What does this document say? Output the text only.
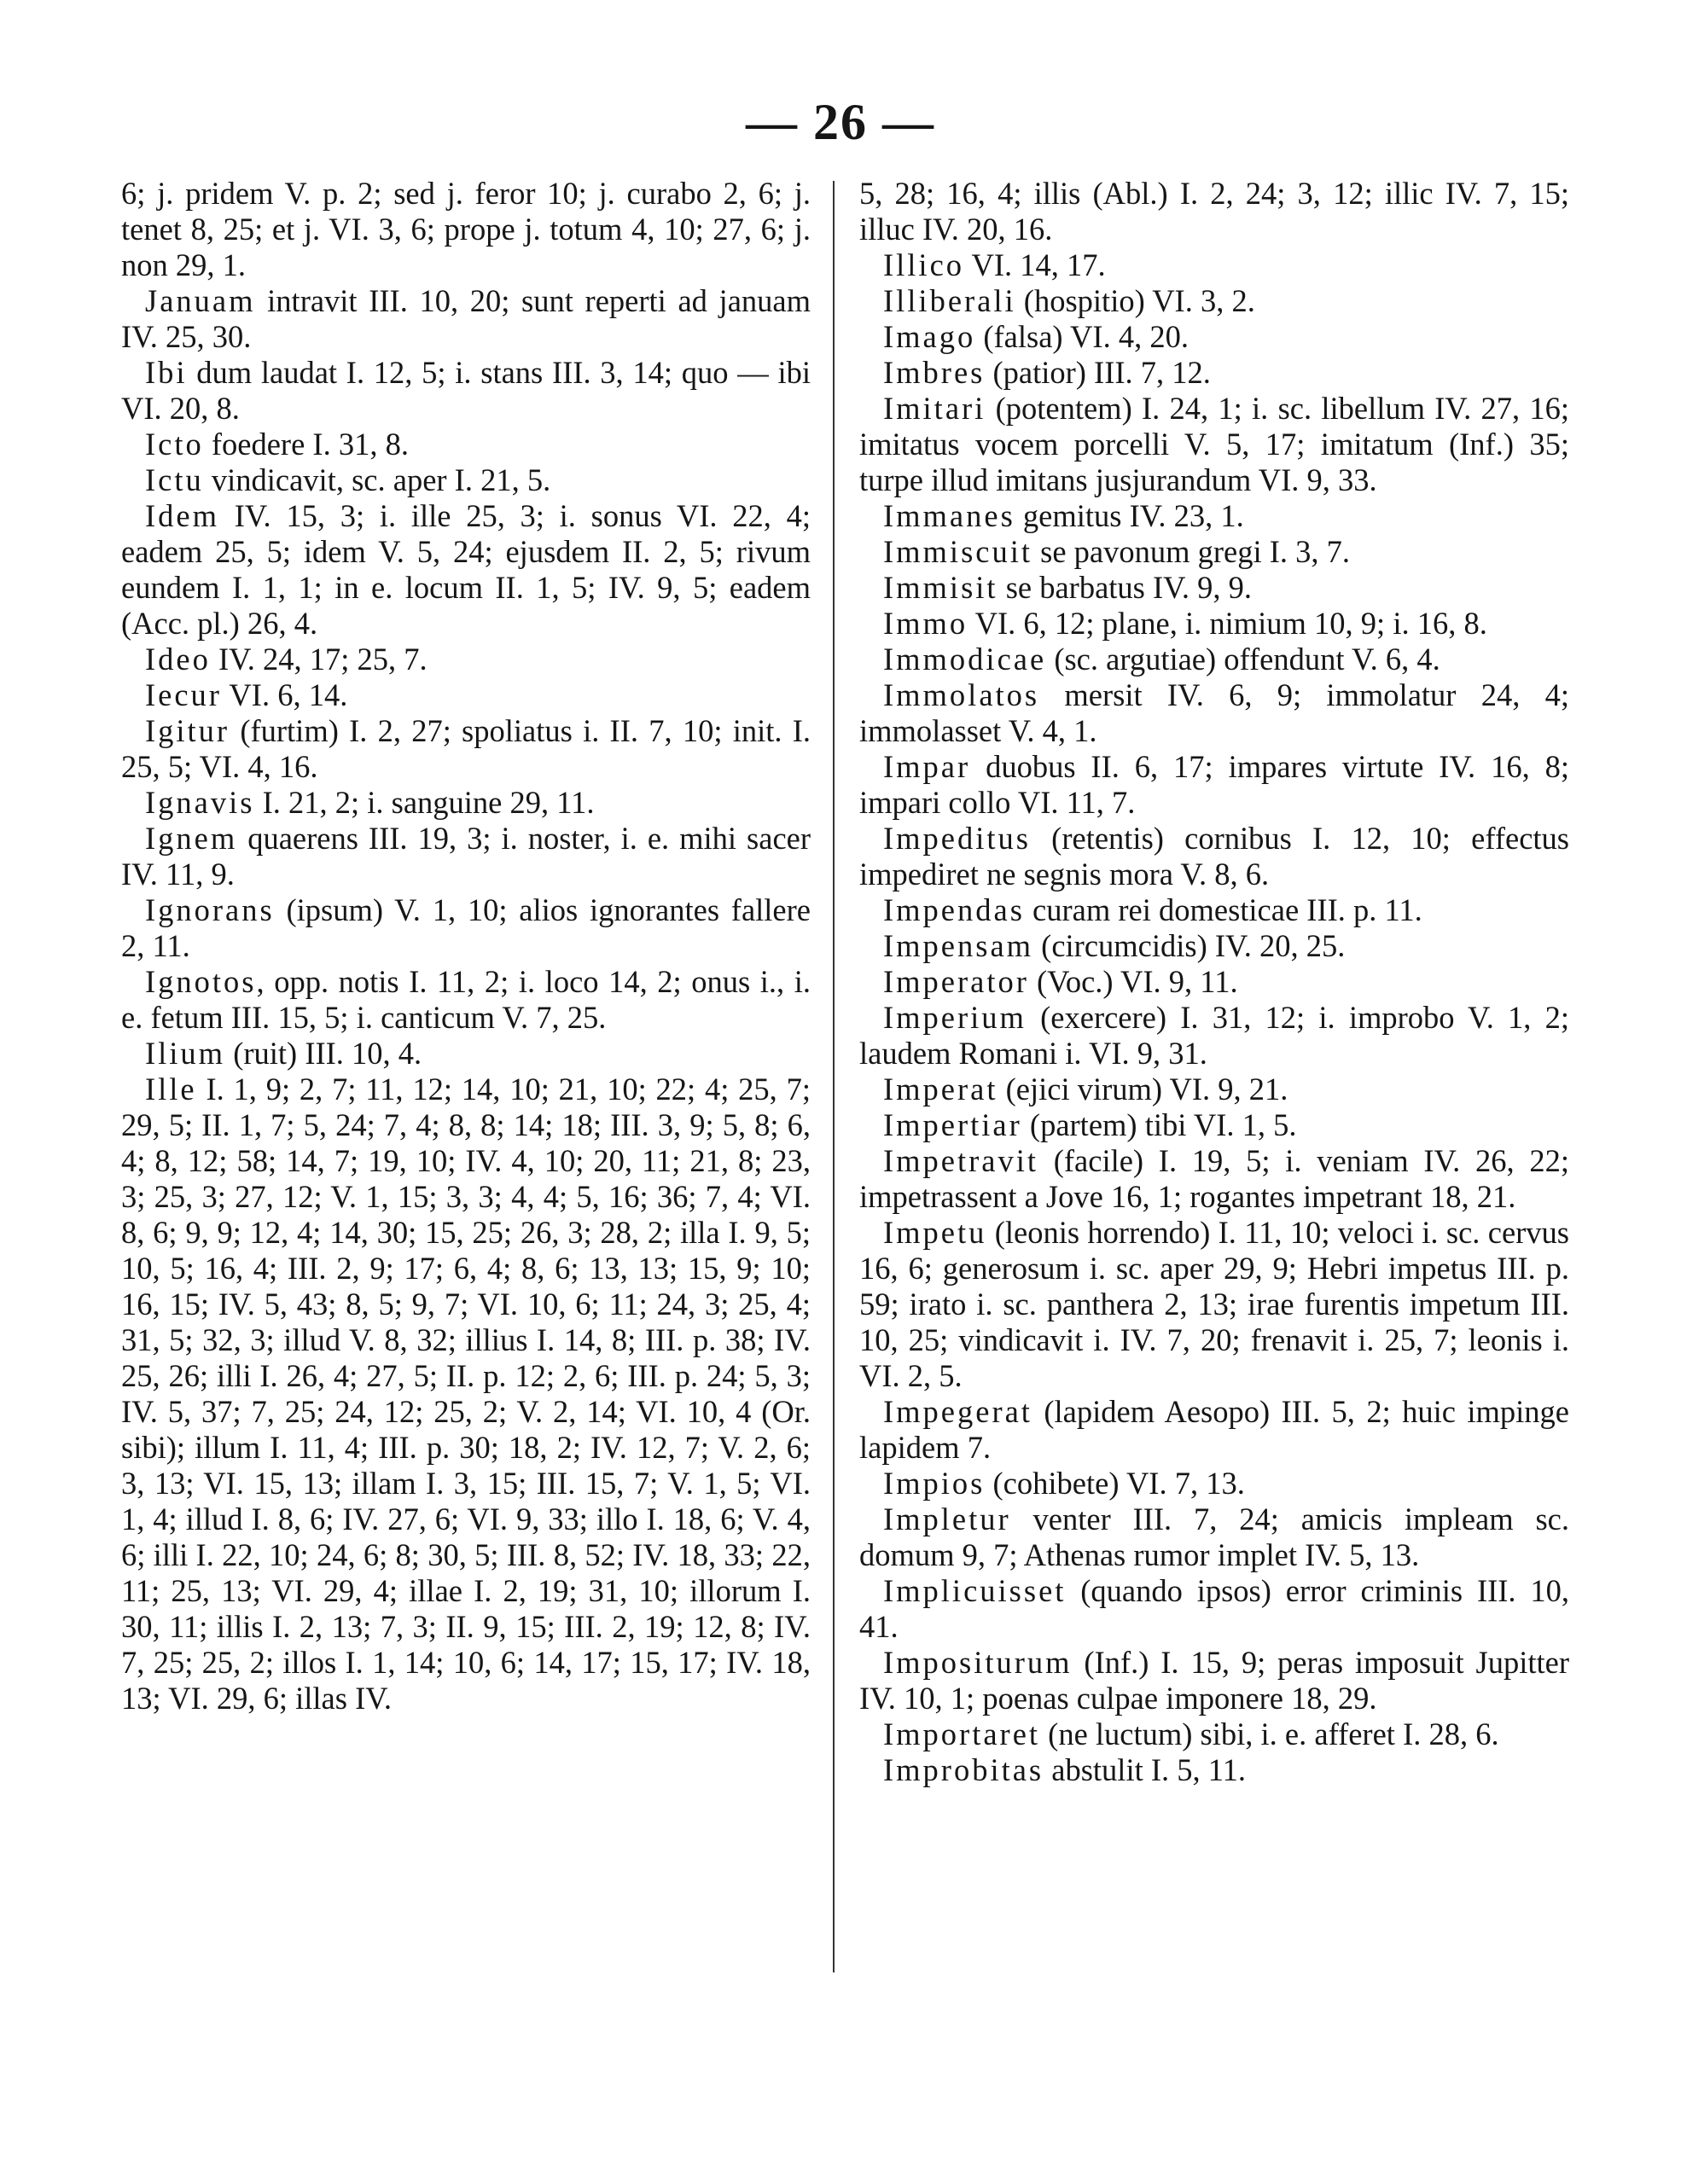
— 26 —

6; j. pridem V. p. 2; sed j. feror 10; j. curabo 2, 6; j. tenet 8, 25; et j. VI. 3, 6; prope j. totum 4, 10; 27, 6; j. non 29, 1.

Januam intravit III. 10, 20; sunt reperti ad januam IV. 25, 30.

Ibi dum laudat I. 12, 5; i. stans III. 3, 14; quo — ibi VI. 20, 8.

Icto foedere I. 31, 8.

Ictu vindicavit, sc. aper I. 21, 5.

Idem IV. 15, 3; i. ille 25, 3; i. sonus VI. 22, 4; eadem 25, 5; idem V. 5, 24; ejusdem II. 2, 5; rivum eundem I. 1, 1; in e. locum II. 1, 5; IV. 9, 5; eadem (Acc. pl.) 26, 4.

Ideo IV. 24, 17; 25, 7.

Iecur VI. 6, 14.

Igitur (furtim) I. 2, 27; spoliatus i. II. 7, 10; init. I. 25, 5; VI. 4, 16.

Ignavis I. 21, 2; i. sanguine 29, 11.

Ignem quaerens III. 19, 3; i. noster, i. e. mihi sacer IV. 11, 9.

Ignorans (ipsum) V. 1, 10; alios ignorantes fallere 2, 11.

Ignotos, opp. notis I. 11, 2; i. loco 14, 2; onus i., i. e. fetum III. 15, 5; i. canticum V. 7, 25.

Ilium (ruit) III. 10, 4.

Ille I. 1, 9; 2, 7; 11, 12; 14, 10; 21, 10; 22; 4; 25, 7; 29, 5; II. 1, 7; 5, 24; 7, 4; 8, 8; 14; 18; III. 3, 9; 5, 8; 6, 4; 8, 12; 58; 14, 7; 19, 10; IV. 4, 10; 20, 11; 21, 8; 23, 3; 25, 3; 27, 12; V. 1, 15; 3, 3; 4, 4; 5, 16; 36; 7, 4; VI. 8, 6; 9, 9; 12, 4; 14, 30; 15, 25; 26, 3; 28, 2; illa I. 9, 5; 10, 5; 16, 4; III. 2, 9; 17; 6, 4; 8, 6; 13, 13; 15, 9; 10; 16, 15; IV. 5, 43; 8, 5; 9, 7; VI. 10, 6; 11; 24, 3; 25, 4; 31, 5; 32, 3; illud V. 8, 32; illius I. 14, 8; III. p. 38; IV. 25, 26; illi I. 26, 4; 27, 5; II. p. 12; 2, 6; III. p. 24; 5, 3; IV. 5, 37; 7, 25; 24, 12; 25, 2; V. 2, 14; VI. 10, 4 (Or. sibi); illum I. 11, 4; III. p. 30; 18, 2; IV. 12, 7; V. 2, 6; 3, 13; VI. 15, 13; illam I. 3, 15; III. 15, 7; V. 1, 5; VI. 1, 4; illud I. 8, 6; IV. 27, 6; VI. 9, 33; illo I. 18, 6; V. 4, 6; illi I. 22, 10; 24, 6; 8; 30, 5; III. 8, 52; IV. 18, 33; 22, 11; 25, 13; VI. 29, 4; illae I. 2, 19; 31, 10; illorum I. 30, 11; illis I. 2, 13; 7, 3; II. 9, 15; III. 2, 19; 12, 8; IV. 7, 25; 25, 2; illos I. 1, 14; 10, 6; 14, 17; 15, 17; IV. 18, 13; VI. 29, 6; illas IV.

5, 28; 16, 4; illis (Abl.) I. 2, 24; 3, 12; illic IV. 7, 15; illuc IV. 20, 16.

Illico VI. 14, 17.

Illiberali (hospitio) VI. 3, 2.

Imago (falsa) VI. 4, 20.

Imbres (patior) III. 7, 12.

Imitari (potentem) I. 24, 1; i. sc. libellum IV. 27, 16; imitatus vocem porcelli V. 5, 17; imitatum (Inf.) 35; turpe illud imitans jusjurandum VI. 9, 33.

Immanes gemitus IV. 23, 1.

Immiscuit se pavonum gregi I. 3, 7.

Immisit se barbatus IV. 9, 9.

Immo VI. 6, 12; plane, i. nimium 10, 9; i. 16, 8.

Immodicae (sc. argutiae) offendunt V. 6, 4.

Immolatos mersit IV. 6, 9; immolatur 24, 4; immolasset V. 4, 1.

Impar duobus II. 6, 17; impares virtute IV. 16, 8; impari collo VI. 11, 7.

Impeditus (retentis) cornibus I. 12, 10; effectus impediret ne segnis mora V. 8, 6.

Impendas curam rei domesticae III. p. 11.

Impensam (circumcidis) IV. 20, 25.

Imperator (Voc.) VI. 9, 11.

Imperium (exercere) I. 31, 12; i. improbo V. 1, 2; laudem Romani i. VI. 9, 31.

Imperat (ejici virum) VI. 9, 21.

Impertiar (partem) tibi VI. 1, 5.

Impetravit (facile) I. 19, 5; i. veniam IV. 26, 22; impetrassent a Jove 16, 1; rogantes impetrant 18, 21.

Impetu (leonis horrendo) I. 11, 10; veloci i. sc. cervus 16, 6; generosum i. sc. aper 29, 9; Hebri impetus III. p. 59; irato i. sc. panthera 2, 13; irae furentis impetum III. 10, 25; vindicavit i. IV. 7, 20; frenavit i. 25, 7; leonis i. VI. 2, 5.

Impegerat (lapidem Aesopo) III. 5, 2; huic impinge lapidem 7.

Impios (cohibete) VI. 7, 13.

Impletur venter III. 7, 24; amicis impleam sc. domum 9, 7; Athenas rumor implet IV. 5, 13.

Implicuisset (quando ipsos) error criminis III. 10, 41.

Impositurum (Inf.) I. 15, 9; peras imposuit Jupitter IV. 10, 1; poenas culpae imponere 18, 29.

Importaret (ne luctum) sibi, i. e. afferet I. 28, 6.

Improbitas abstulit I. 5, 11.
